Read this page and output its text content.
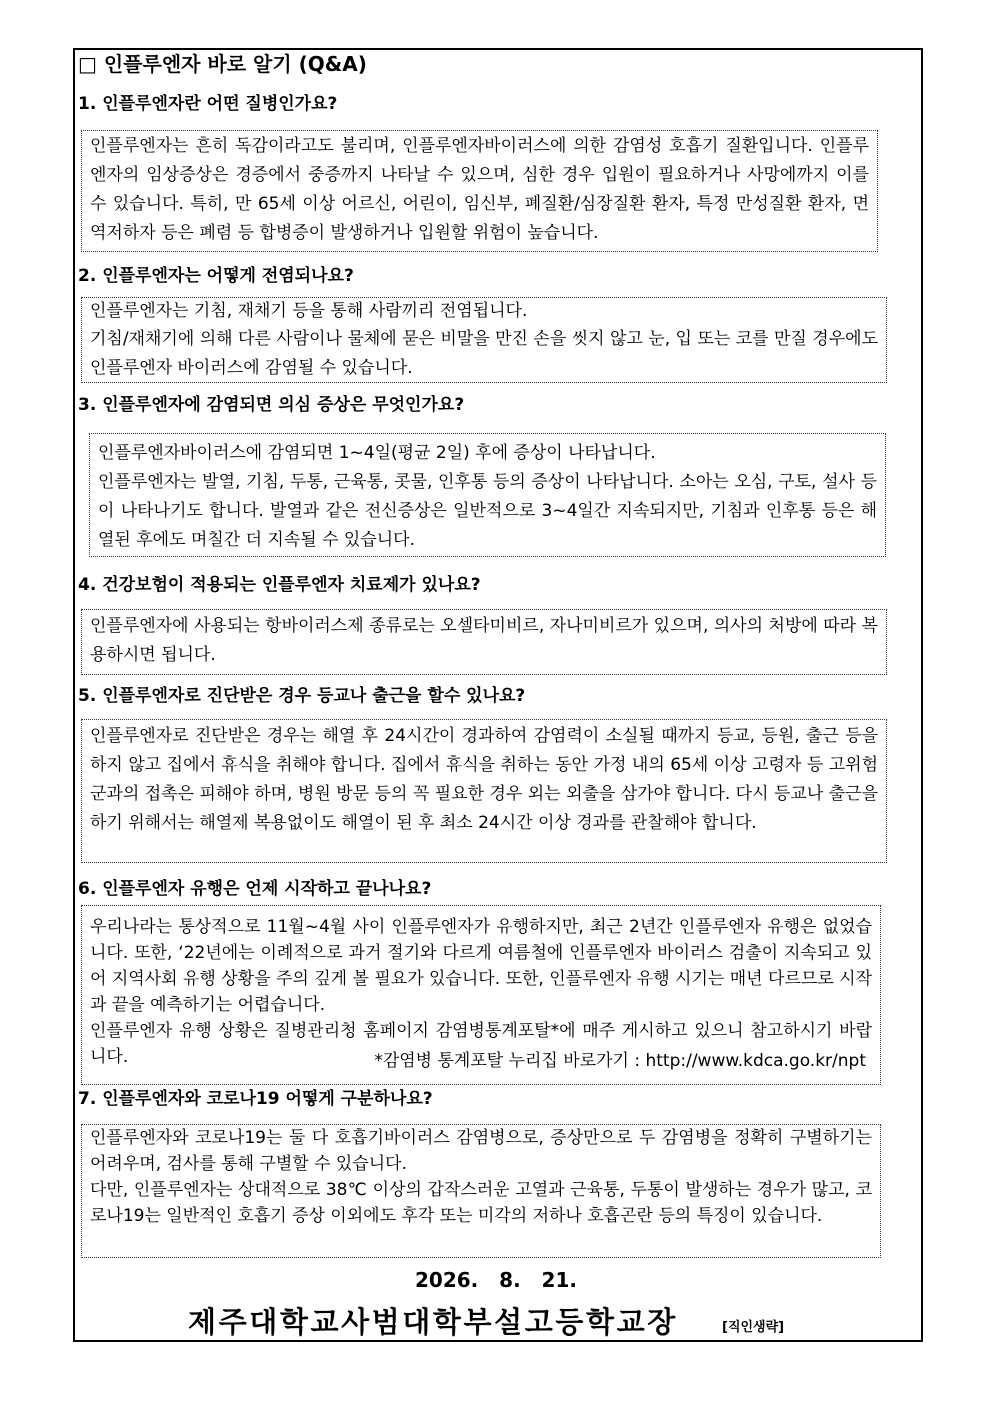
□ 인플루엔자 바로 알기 (Q&A)
1. 인플루엔자란 어떤 질병인가요?

인플루엔자는 흔히 독감이라고도 불리며, 인플루엔자바이러스에 의한 감염성 호흡기 질환입니다. 인플루엔자의 임상증상은 경증에서 중증까지 나타날 수 있으며, 심한 경우 입원이 필요하거나 사망에까지 이를 수 있습니다. 특히, 만 65세 이상 어르신, 어린이, 임신부, 폐질환/심장질환 환자, 특정 만성질환 환자, 면역저하자 등은 폐렴 등 합병증이 발생하거나 입원할 위험이 높습니다.

2. 인플루엔자는 어떻게 전염되나요?

인플루엔자는 기침, 재채기 등을 통해 사람끼리 전염됩니다.

기침/재채기에 의해 다른 사람이나 물체에 묻은 비말을 만진 손을 씻지 않고 눈, 입 또는 코를 만질 경우에도 인플루엔자 바이러스에 감염될 수 있습니다.

3. 인플루엔자에 감염되면 의심 증상은 무엇인가요?

인플루엔자바이러스에 감염되면 1~4일(평균 2일) 후에 증상이 나타납니다.

인플루엔자는 발열, 기침, 두통, 근육통, 콧물, 인후통 등의 증상이 나타납니다. 소아는 오심, 구토, 설사 등이 나타나기도 합니다. 발열과 같은 전신증상은 일반적으로 3~4일간 지속되지만, 기침과 인후통 등은 해열된 후에도 며칠간 더 지속될 수 있습니다.

4. 건강보험이 적용되는 인플루엔자 치료제가 있나요?

인플루엔자에 사용되는 항바이러스제 종류로는 오셀타미비르, 자나미비르가 있으며, 의사의 처방에 따라 복용하시면 됩니다.

5. 인플루엔자로 진단받은 경우 등교나 출근을 할수 있나요?

인플루엔자로 진단받은 경우는 해열 후 24시간이 경과하여 감염력이 소실될 때까지 등교, 등원, 출근 등을 하지 않고 집에서 휴식을 취해야 합니다. 집에서 휴식을 취하는 동안 가정 내의 65세 이상 고령자 등 고위험군과의 접촉은 피해야 하며, 병원 방문 등의 꼭 필요한 경우 외는 외출을 삼가야 합니다. 다시 등교나 출근을 하기 위해서는 해열제 복용없이도 해열이 된 후 최소 24시간 이상 경과를 관찰해야 합니다.

6. 인플루엔자 유행은 언제 시작하고 끝나나요?

우리나라는 통상적으로 11월~4월 사이 인플루엔자가 유행하지만, 최근 2년간 인플루엔자 유행은 없었습니다. 또한, ‘22년에는 이례적으로 과거 절기와 다르게 여름철에 인플루엔자 바이러스 검출이 지속되고 있어 지역사회 유행 상황을 주의 깊게 볼 필요가 있습니다. 또한, 인플루엔자 유행 시기는 매년 다르므로 시작과 끝을 예측하기는 어렵습니다.

인플루엔자 유행 상황은 질병관리청 홈페이지 감염병통계포탈*에 매주 게시하고 있으니 참고하시기 바랍니다.	*감염병 통계포탈 누리집 바로가기 : http://www.kdca.go.kr/npt
7. 인플루엔자와 코로나19 어떻게 구분하나요?

인플루엔자와 코로나19는 둘 다 호흡기바이러스 감염병으로, 증상만으로 두 감염병을 정확히 구별하기는 어려우며, 검사를 통해 구별할 수 있습니다.

다만, 인플루엔자는 상대적으로 38℃ 이상의 갑작스러운 고열과 근육통, 두통이 발생하는 경우가 많고, 코로나19는 일반적인 호흡기 증상 이외에도 후각 또는 미각의 저하나 호흡곤란 등의 특징이 있습니다.

2026.   8.   21.
제주대학교사범대학부설고등학교장	[직인생략]
